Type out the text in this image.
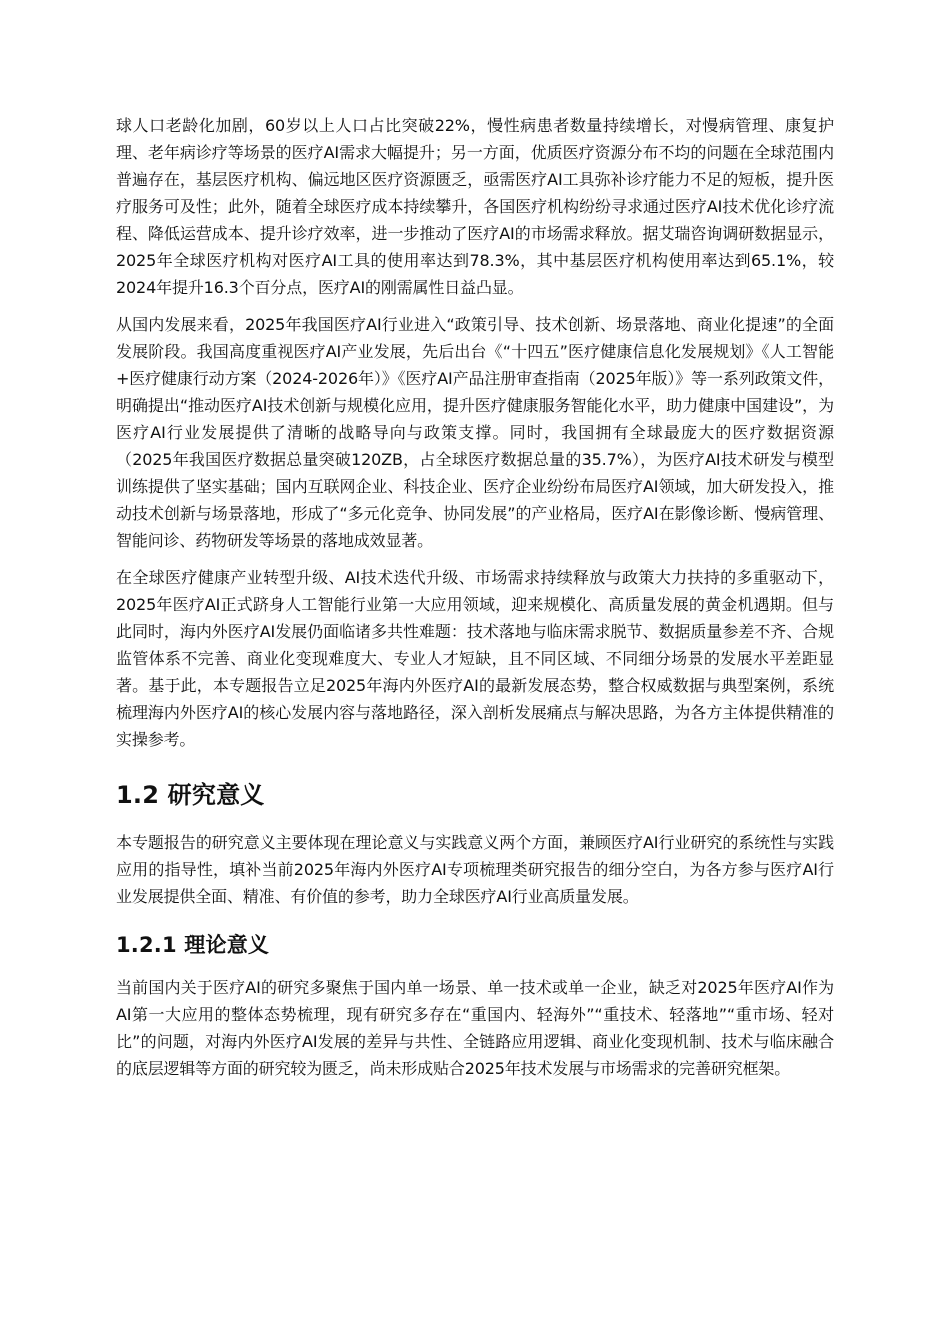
球人口老龄化加剧，60岁以上人口占比突破22%，慢性病患者数量持续增长，对慢病管理、康复护理、老年病诊疗等场景的医疗AI需求大幅提升；另一方面，优质医疗资源分布不均的问题在全球范围内普遍存在，基层医疗机构、偏远地区医疗资源匮乏，亟需医疗AI工具弥补诊疗能力不足的短板，提升医疗服务可及性；此外，随着全球医疗成本持续攀升，各国医疗机构纷纷寻求通过医疗AI技术优化诊疗流程、降低运营成本、提升诊疗效率，进一步推动了医疗AI的市场需求释放。据艾瑞咨询调研数据显示，2025年全球医疗机构对医疗AI工具的使用率达到78.3%，其中基层医疗机构使用率达到65.1%，较2024年提升16.3个百分点，医疗AI的刚需属性日益凸显。

从国内发展来看，2025年我国医疗AI行业进入“政策引导、技术创新、场景落地、商业化提速”的全面发展阶段。我国高度重视医疗AI产业发展，先后出台《“十四五”医疗健康信息化发展规划》《人工智能+医疗健康行动方案（2024-2026年）》《医疗AI产品注册审查指南（2025年版）》等一系列政策文件，明确提出“推动医疗AI技术创新与规模化应用，提升医疗健康服务智能化水平，助力健康中国建设”，为医疗AI行业发展提供了清晰的战略导向与政策支撑。同时，我国拥有全球最庞大的医疗数据资源（2025年我国医疗数据总量突破120ZB，占全球医疗数据总量的35.7%），为医疗AI技术研发与模型训练提供了坚实基础；国内互联网企业、科技企业、医疗企业纷纷布局医疗AI领域，加大研发投入，推动技术创新与场景落地，形成了“多元化竞争、协同发展”的产业格局，医疗AI在影像诊断、慢病管理、智能问诊、药物研发等场景的落地成效显著。

在全球医疗健康产业转型升级、AI技术迭代升级、市场需求持续释放与政策大力扶持的多重驱动下，2025年医疗AI正式跻身人工智能行业第一大应用领域，迎来规模化、高质量发展的黄金机遇期。但与此同时，海内外医疗AI发展仍面临诸多共性难题：技术落地与临床需求脱节、数据质量参差不齐、合规监管体系不完善、商业化变现难度大、专业人才短缺，且不同区域、不同细分场景的发展水平差距显著。基于此，本专题报告立足2025年海内外医疗AI的最新发展态势，整合权威数据与典型案例，系统梳理海内外医疗AI的核心发展内容与落地路径，深入剖析发展痛点与解决思路，为各方主体提供精准的实操参考。

1.2 研究意义

本专题报告的研究意义主要体现在理论意义与实践意义两个方面，兼顾医疗AI行业研究的系统性与实践应用的指导性，填补当前2025年海内外医疗AI专项梳理类研究报告的细分空白，为各方参与医疗AI行业发展提供全面、精准、有价值的参考，助力全球医疗AI行业高质量发展。

1.2.1 理论意义

当前国内关于医疗AI的研究多聚焦于国内单一场景、单一技术或单一企业，缺乏对2025年医疗AI作为AI第一大应用的整体态势梳理，现有研究多存在“重国内、轻海外”“重技术、轻落地”“重市场、轻对比”的问题，对海内外医疗AI发展的差异与共性、全链路应用逻辑、商业化变现机制、技术与临床融合的底层逻辑等方面的研究较为匮乏，尚未形成贴合2025年技术发展与市场需求的完善研究框架。
